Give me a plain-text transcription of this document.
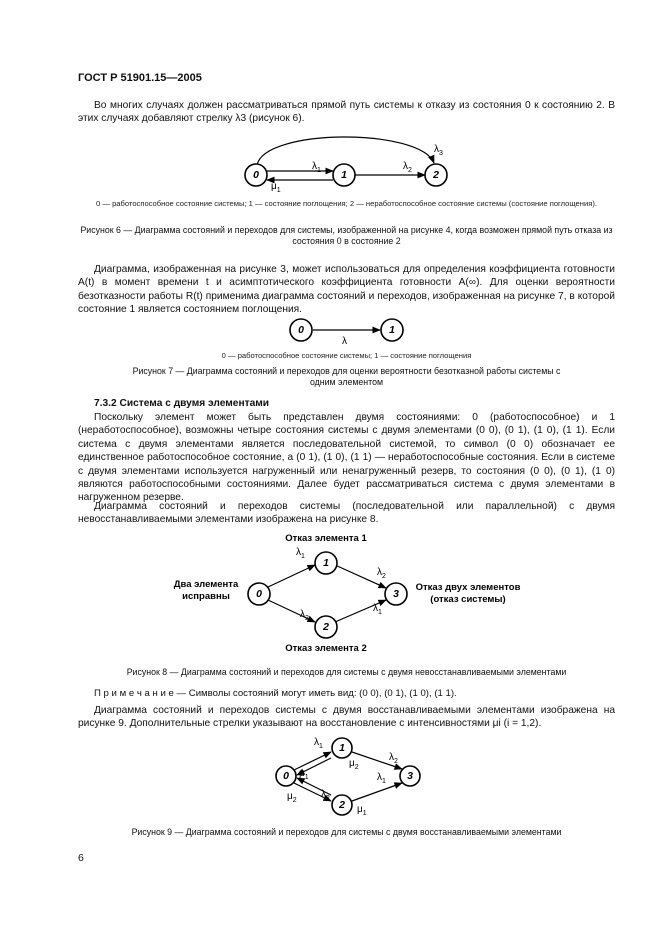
ГОСТ Р 51901.15—2005
Во многих случаях должен рассматриваться прямой путь системы к отказу из состояния 0 к состоянию 2. В этих случаях добавляют стрелку λ3 (рисунок 6).
0	1	2
$\lambda_1$
$\mu_1$
$\lambda_2$
$\lambda_3$
0 — работоспособное состояние системы; 1 — состояние поглощения; 2 — неработоспособное состояние системы (состояние поглощения).
Рисунок 6 — Диаграмма состояний и переходов для системы, изображенной на рисунке 4, когда возможен прямой путь отказа из состояния 0 в состояние 2
Диаграмма, изображенная на рисунке 3, может использоваться для определения коэффициента готовности A(t) в момент времени t и асимптотического коэффициента готовности A(∞). Для оценки вероятности безотказности работы R(t) применима диаграмма состояний и переходов, изображенная на рисунке 7, в которой состояние 1 является состоянием поглощения.
0	1
λ
0 — работоспособное состояние системы; 1 — состояние поглощения
Рисунок 7 — Диаграмма состояний и переходов для оценки вероятности безотказной работы системы с одним элементом
7.3.2 Система с двумя элементами
Поскольку элемент может быть представлен двумя состояниями: 0 (работоспособное) и 1 (неработоспособное), возможны четыре состояния системы с двумя элементами (0 0), (0 1), (1 0), (1 1). Если система с двумя элементами является последовательной системой, то символ (0 0) обозначает ее единственное работоспособное состояние, а (0 1), (1 0), (1 1) — неработоспособные состояния. Если в системе с двумя элементами используется нагруженный или ненагруженный резерв, то состояния (0 0), (0 1), (1 0) являются работоспособными состояниями. Далее будет рассматриваться система с двумя элементами в нагруженном резерве.
Диаграмма состояний и переходов системы (последовательной или параллельной) с двумя невосстанавливаемыми элементами изображена на рисунке 8.
0
1
2
3
$\lambda_1$
$\lambda_2$
$\lambda_2$
$\lambda_1$
Отказ элемента 1
Отказ элемента 2
Два элемента
исправны
Отказ двух элементов
(отказ системы)
Рисунок 8 — Диаграмма состояний и переходов для системы с двумя невосстанавливаемыми элементами
П р и м е ч а н и е — Символы состояний могут иметь вид: (0 0), (0 1), (1 0), (1 1).
Диаграмма состояний и переходов системы с двумя восстанавливаемыми элементами изображена на рисунке 9. Дополнительные стрелки указывают на восстановление с интенсивностями μi (i = 1,2).
0
1
2
3
$\lambda_1$
$\mu_1$
$\mu_2$
$\lambda_2$
$\lambda_2$
$\mu_2$
$\lambda_1$
$\mu_1$
Рисунок 9 — Диаграмма состояний и переходов для системы с двумя восстанавливаемыми элементами
6
